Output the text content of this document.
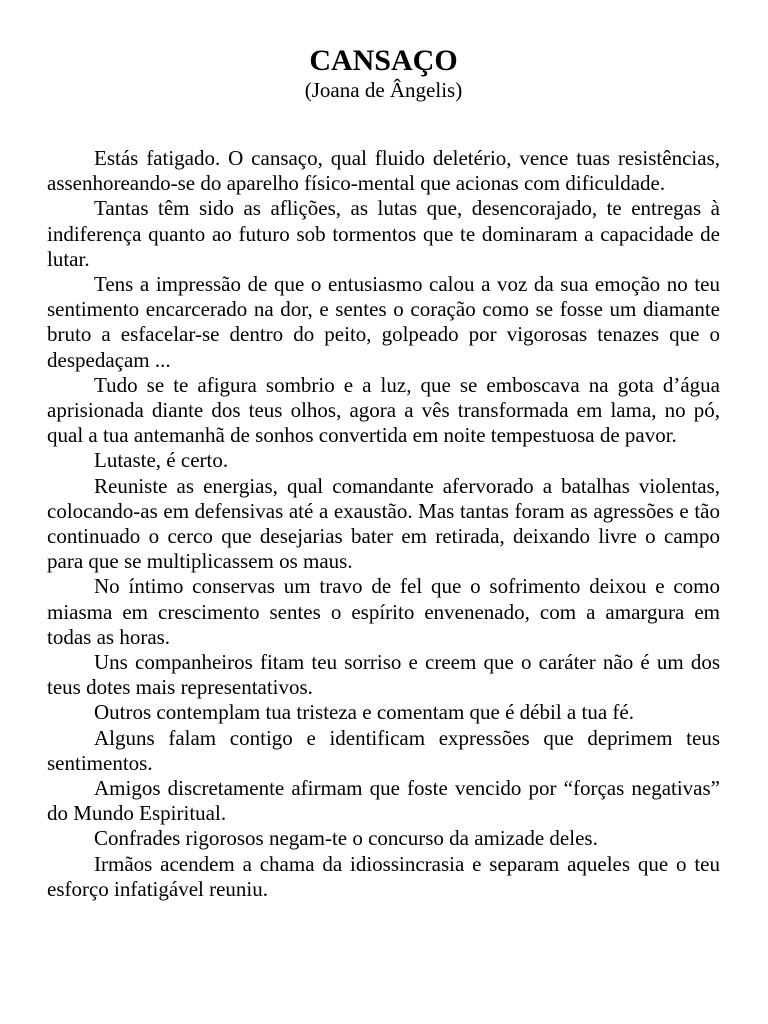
CANSAÇO
(Joana de Ângelis)

Estás fatigado. O cansaço, qual fluido deletério, vence tuas resistências, assenhoreando-se do aparelho físico-mental que acionas com dificuldade.

Tantas têm sido as aflições, as lutas que, desencorajado, te entregas à indiferença quanto ao futuro sob tormentos que te dominaram a capacidade de lutar.

Tens a impressão de que o entusiasmo calou a voz da sua emoção no teu sentimento encarcerado na dor, e sentes o coração como se fosse um diamante bruto a esfacelar-se dentro do peito, golpeado por vigorosas tenazes que o despedaçam ...

Tudo se te afigura sombrio e a luz, que se emboscava na gota d’água aprisionada diante dos teus olhos, agora a vês transformada em lama, no pó, qual a tua antemanhã de sonhos convertida em noite tempestuosa de pavor.

Lutaste, é certo.

Reuniste as energias, qual comandante afervorado a batalhas violentas, colocando-as em defensivas até a exaustão. Mas tantas foram as agressões e tão continuado o cerco que desejarias bater em retirada, deixando livre o campo para que se multiplicassem os maus.

No íntimo conservas um travo de fel que o sofrimento deixou e como miasma em crescimento sentes o espírito envenenado, com a amargura em todas as horas.

Uns companheiros fitam teu sorriso e creem que o caráter não é um dos teus dotes mais representativos.

Outros contemplam tua tristeza e comentam que é débil a tua fé.

Alguns falam contigo e identificam expressões que deprimem teus sentimentos.

Amigos discretamente afirmam que foste vencido por “forças negativas” do Mundo Espiritual.

Confrades rigorosos negam-te o concurso da amizade deles.

Irmãos acendem a chama da idiossincrasia e separam aqueles que o teu esforço infatigável reuniu.
